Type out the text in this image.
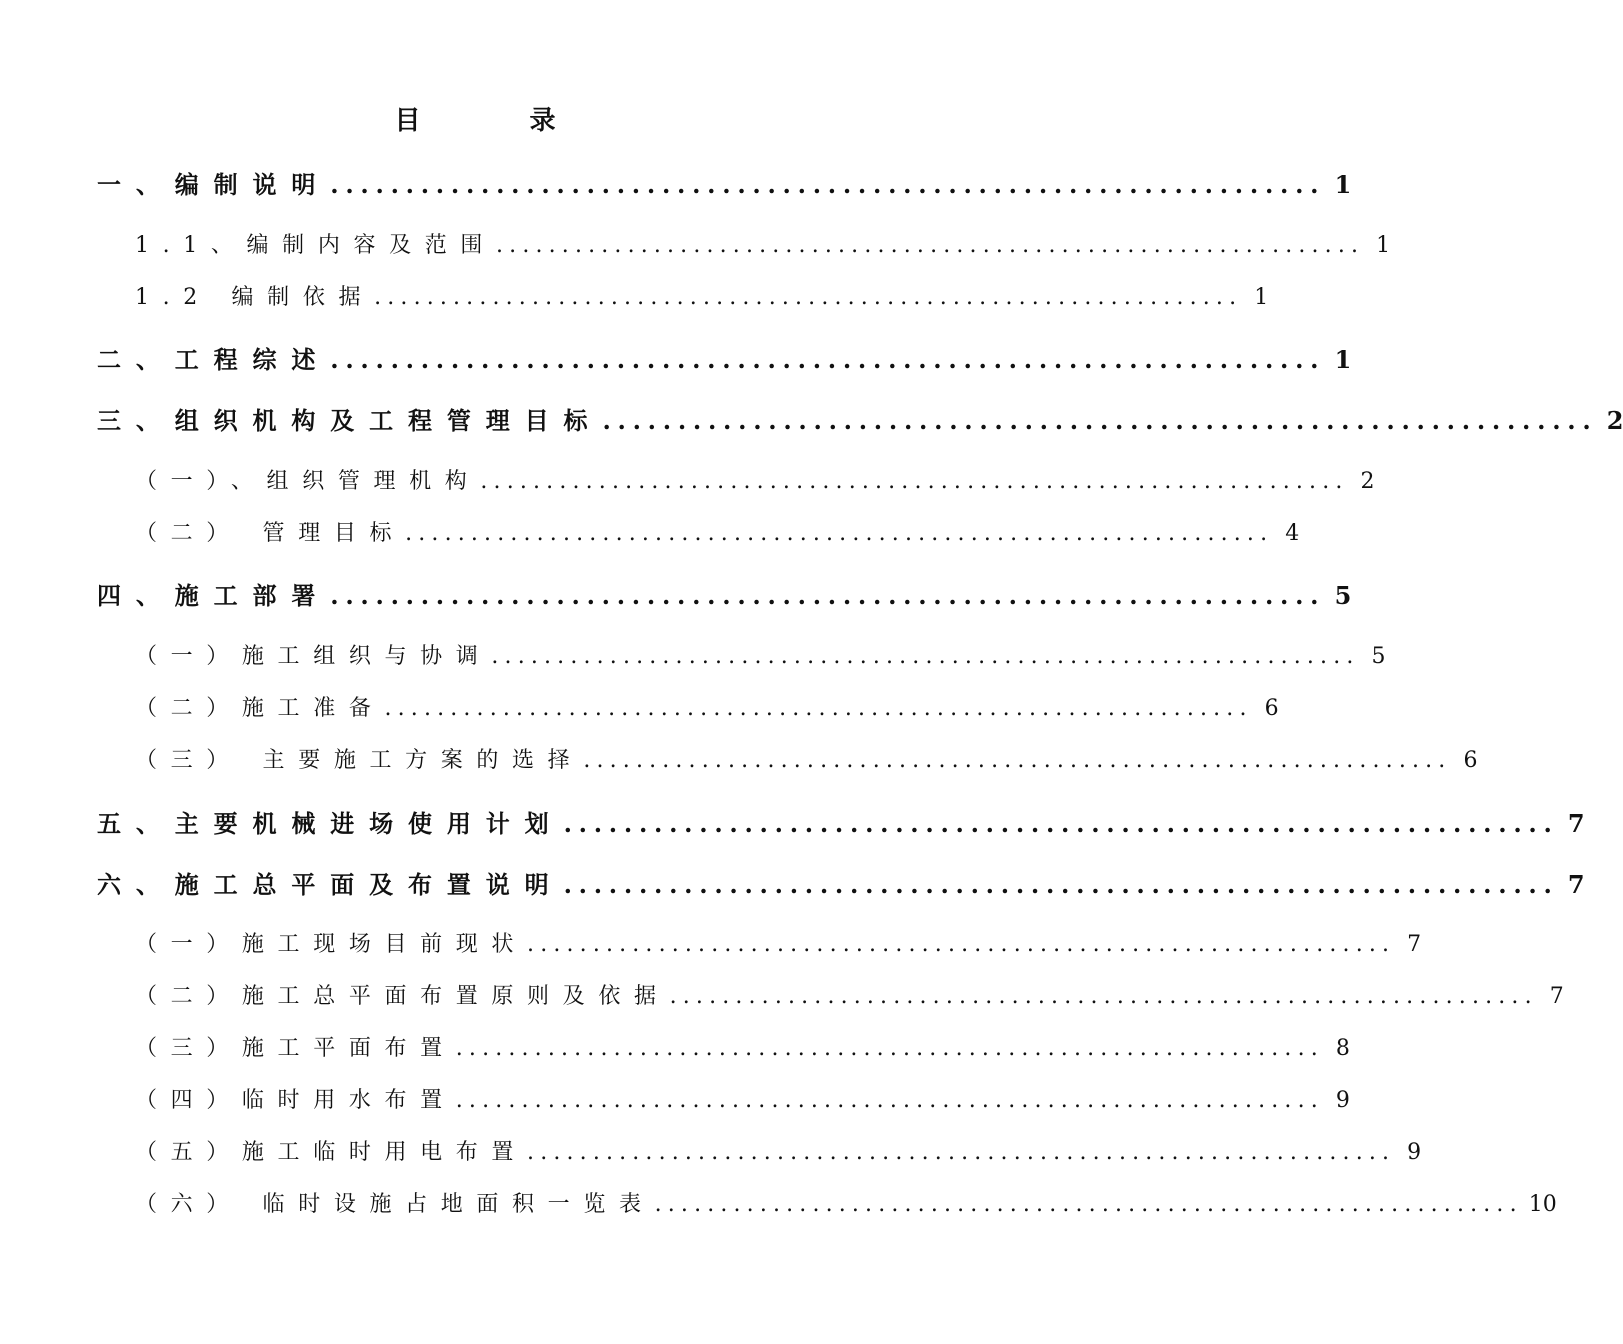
目 录
一、编制说明 .................................................................. 1
1.1、编制内容及范围 .................................................................. 1
1.2 编制依据 .................................................................. 1
二、工程综述 .................................................................. 1
三、组织机构及工程管理目标 .................................................................. 2
（一）、组织管理机构 .................................................................. 2
（二） 管理目标 .................................................................. 4
四、施工部署 .................................................................. 5
（一）施工组织与协调 .................................................................. 5
（二）施工准备 .................................................................. 6
（三） 主要施工方案的选择 .................................................................. 6
五、主要机械进场使用计划 .................................................................. 7
六、施工总平面及布置说明 .................................................................. 7
（一）施工现场目前现状 .................................................................. 7
（二）施工总平面布置原则及依据 .................................................................. 7
（三）施工平面布置 .................................................................. 8
（四）临时用水布置 .................................................................. 9
（五）施工临时用电布置 .................................................................. 9
（六） 临时设施占地面积一览表 .................................................................. 10
